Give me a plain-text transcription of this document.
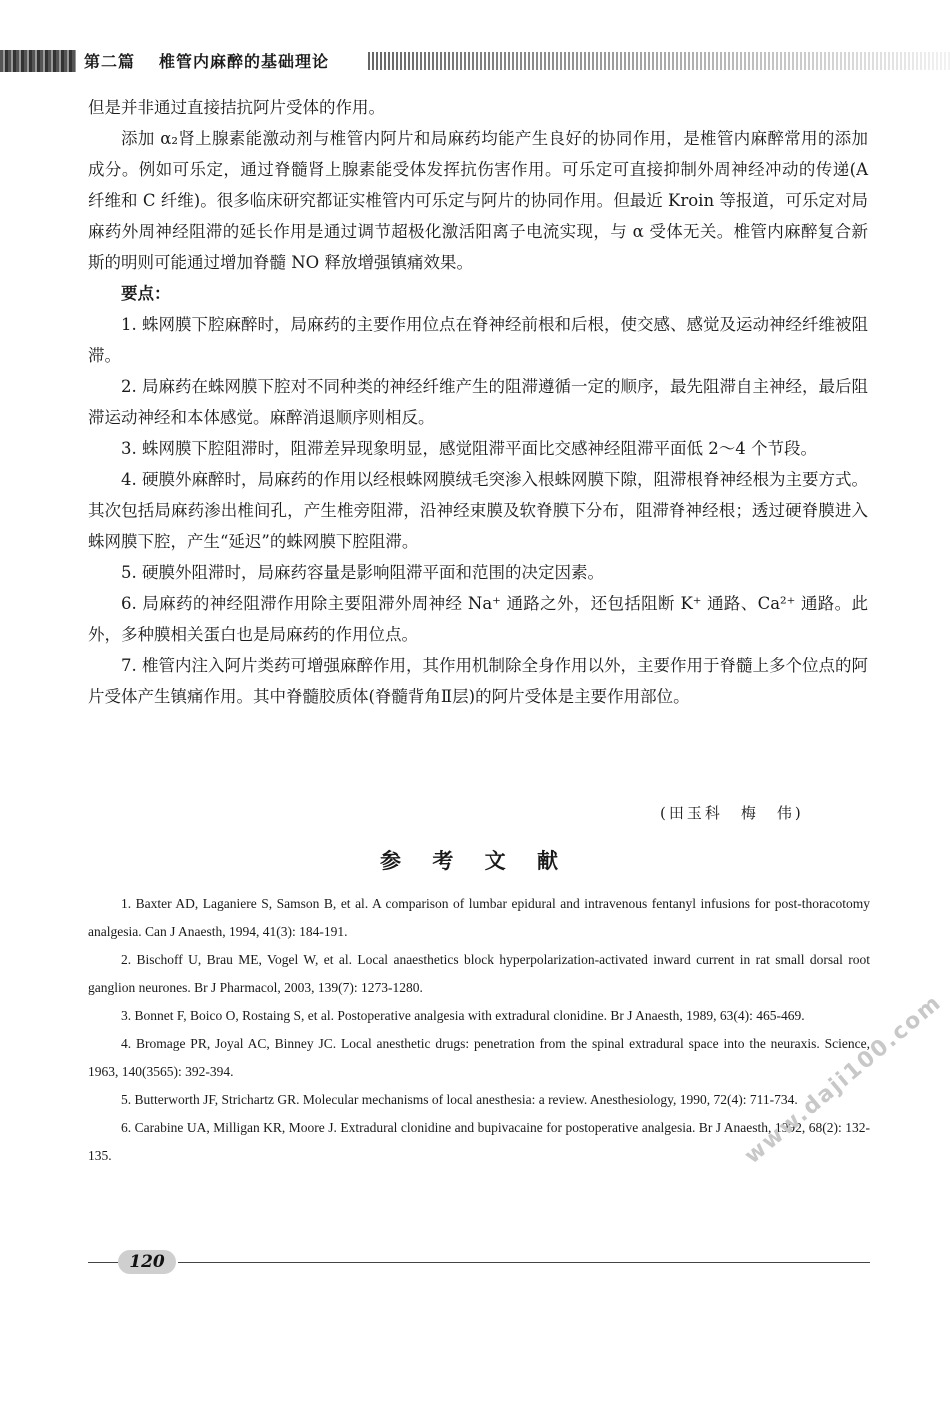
第二篇 椎管内麻醉的基础理论

但是并非通过直接拮抗阿片受体的作用。

添加 α₂肾上腺素能激动剂与椎管内阿片和局麻药均能产生良好的协同作用，是椎管内麻醉常用的添加成分。例如可乐定，通过脊髓肾上腺素能受体发挥抗伤害作用。可乐定可直接抑制外周神经冲动的传递(A 纤维和 C 纤维)。很多临床研究都证实椎管内可乐定与阿片的协同作用。但最近 Kroin 等报道，可乐定对局麻药外周神经阻滞的延长作用是通过调节超极化激活阳离子电流实现，与 α 受体无关。椎管内麻醉复合新斯的明则可能通过增加脊髓 NO 释放增强镇痛效果。

要点：

1. 蛛网膜下腔麻醉时，局麻药的主要作用位点在脊神经前根和后根，使交感、感觉及运动神经纤维被阻滞。

2. 局麻药在蛛网膜下腔对不同种类的神经纤维产生的阻滞遵循一定的顺序，最先阻滞自主神经，最后阻滞运动神经和本体感觉。麻醉消退顺序则相反。

3. 蛛网膜下腔阻滞时，阻滞差异现象明显，感觉阻滞平面比交感神经阻滞平面低 2～4 个节段。

4. 硬膜外麻醉时，局麻药的作用以经根蛛网膜绒毛突渗入根蛛网膜下隙，阻滞根脊神经根为主要方式。其次包括局麻药渗出椎间孔，产生椎旁阻滞，沿神经束膜及软脊膜下分布，阻滞脊神经根；透过硬脊膜进入蛛网膜下腔，产生“延迟”的蛛网膜下腔阻滞。

5. 硬膜外阻滞时，局麻药容量是影响阻滞平面和范围的决定因素。

6. 局麻药的神经阻滞作用除主要阻滞外周神经 Na⁺ 通路之外，还包括阻断 K⁺ 通路、Ca²⁺ 通路。此外，多种膜相关蛋白也是局麻药的作用位点。

7. 椎管内注入阿片类药可增强麻醉作用，其作用机制除全身作用以外，主要作用于脊髓上多个位点的阿片受体产生镇痛作用。其中脊髓胶质体(脊髓背角Ⅱ层)的阿片受体是主要作用部位。

(田玉科　梅　伟)
参 考 文 献

1. Baxter AD, Laganiere S, Samson B, et al. A comparison of lumbar epidural and intravenous fentanyl infusions for post-thoracotomy analgesia. Can J Anaesth, 1994, 41(3): 184-191.

2. Bischoff U, Brau ME, Vogel W, et al. Local anaesthetics block hyperpolarization-activated inward current in rat small dorsal root ganglion neurones. Br J Pharmacol, 2003, 139(7): 1273-1280.

3. Bonnet F, Boico O, Rostaing S, et al. Postoperative analgesia with extradural clonidine. Br J Anaesth, 1989, 63(4): 465-469.

4. Bromage PR, Joyal AC, Binney JC. Local anesthetic drugs: penetration from the spinal extradural space into the neuraxis. Science, 1963, 140(3565): 392-394.

5. Butterworth JF, Strichartz GR. Molecular mechanisms of local anesthesia: a review. Anesthesiology, 1990, 72(4): 711-734.

6. Carabine UA, Milligan KR, Moore J. Extradural clonidine and bupivacaine for postoperative analgesia. Br J Anaesth, 1992, 68(2): 132-135.	www.daji100.com
120
